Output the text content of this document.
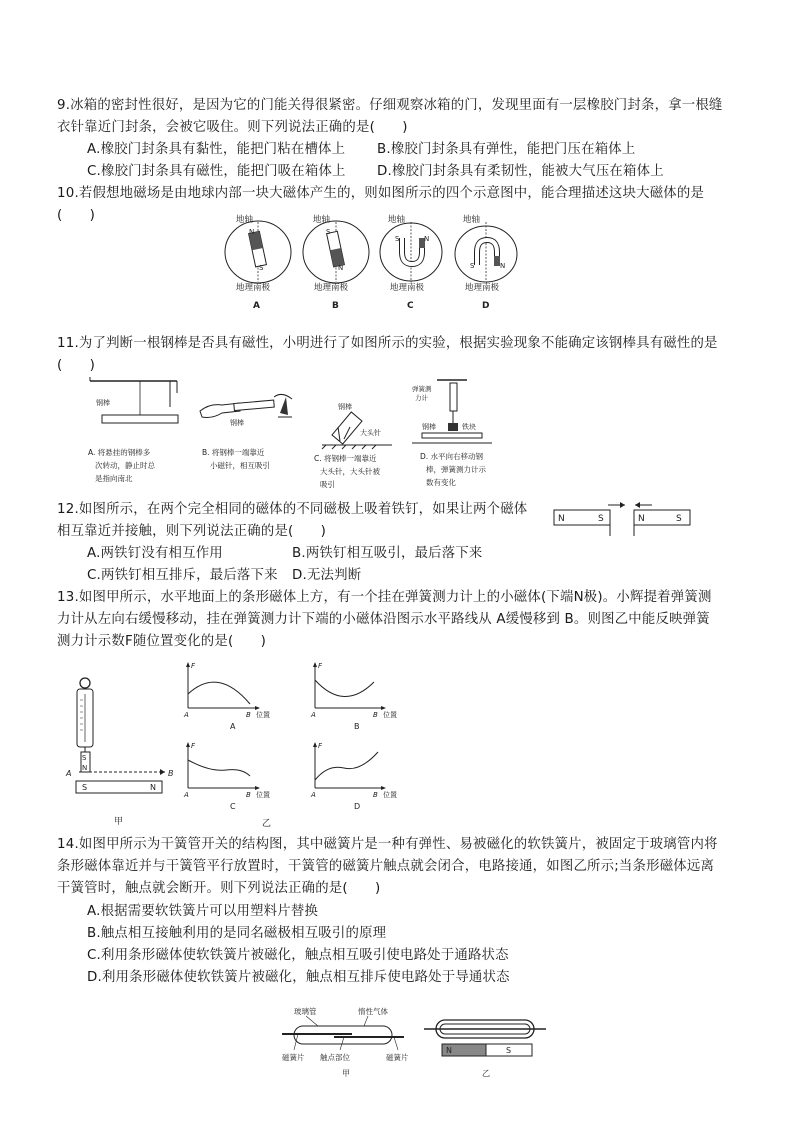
9.冰箱的密封性很好，是因为它的门能关得很紧密。仔细观察冰箱的门，发现里面有一层橡胶门封条，拿一根缝
衣针靠近门封条，会被它吸住。则下列说法正确的是(　　)
A.橡胶门封条具有黏性，能把门粘在槽体上 B.橡胶门封条具有弹性，能把门压在箱体上
C.橡胶门封条具有磁性，能把门吸在箱体上 D.橡胶门封条具有柔韧性，能被大气压在箱体上
10.若假想地磁场是由地球内部一块大磁体产生的，则如图所示的四个示意图中，能合理描述这块大磁体的是
(　　)	地轴
N
S
地理南极
A
地轴
S
N
地理南极
B
地轴
S	N
地理南极
C
地轴
S	N
地理南极
D
11.为了判断一根钢棒是否具有磁性，小明进行了如图所示的实验，根据实验现象不能确定该钢棒具有磁性的是
(　　)
钢棒
A. 将悬挂的钢棒多
次转动，静止时总
是指向南北
钢棒
B. 将钢棒一端靠近
小磁针，相互吸引
钢棒
大头针
C. 将钢棒一端靠近
大头针，大头针被
吸引
弹簧测
力计
铁块
钢棒
D. 水平向右移动钢
棒，弹簧测力计示
数有变化
12.如图所示，在两个完全相同的磁体的不同磁极上吸着铁钉，如果让两个磁体
相互靠近并接触，则下列说法正确的是(　　)
A.两铁钉没有相互作用	B.两铁钉相互吸引，最后落下来
C.两铁钉相互排斥，最后落下来 D.无法判断
N	S	N	S
13.如图甲所示，水平地面上的条形磁体上方，有一个挂在弹簧测力计上的小磁体(下端N极)。小辉提着弹簧测
力计从左向右缓慢移动，挂在弹簧测力计下端的小磁体沿图示水平路线从 A缓慢移到 B。则图乙中能反映弹簧
测力计示数F随位置变化的是(　　)
S
N
A	B
S	N
甲
F
A	B 位置
A
F
A	B 位置
B
F
A	B 位置
C
F
A	B 位置
D
乙
14.如图甲所示为干簧管开关的结构图，其中磁簧片是一种有弹性、易被磁化的软铁簧片，被固定于玻璃管内将
条形磁体靠近并与干簧管平行放置时，干簧管的磁簧片触点就会闭合，电路接通，如图乙所示;当条形磁体远离
干簧管时，触点就会断开。则下列说法正确的是(　　)
A.根据需要软铁簧片可以用塑料片替换
B.触点相互接触利用的是同名磁极相互吸引的原理
C.利用条形磁体使软铁簧片被磁化，触点相互吸引使电路处于通路状态
D.利用条形磁体使软铁簧片被磁化，触点相互排斥使电路处于导通状态
玻璃管	惰性气体
磁簧片 触点部位	磁簧片
甲
N	S
乙
